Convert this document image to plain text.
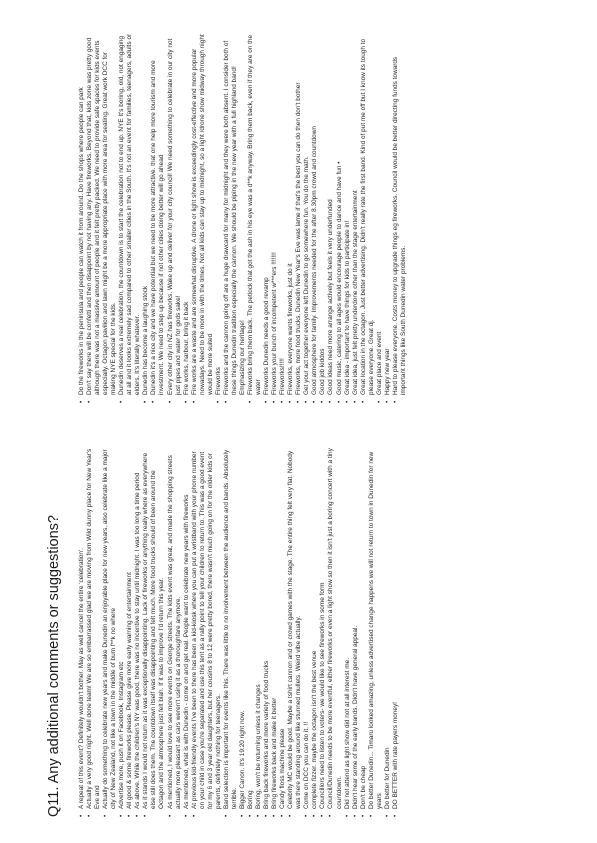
Q11. Any additional comments or suggestions? • A repeat of this event? Definitely wouldn't bother. May as well cancel the entire 'celebration'. • Actually a very good night. Well done team! We are so embarrassed glad we are moving from Wild dunny place for New Year's Eve and • Actually do something to celebrate new years and make Dunedin an enjoyable place for new years, also celebrate like a major city of New Zealand, not like a town in the middle of bum f**k no where • Advertise more, push it on Facebook, Instagram etc • All good & some fireworks please. Please give more early warning of entertainment • As above. While the children's NY was good, there was no incentive to stay until midnight. I was too long a time period • As it stands I would not return as it was exceptionally disappointing. Lack of fireworks or anything really where as everywhere else still does them. The countdown itself was disappointing and felt much. More food trucks should of been around the Octagon and the atmosphere just felt blah. If it was to improve I'd return this year. • As mentioned, I would love to see more events on George streets. The kids event was great, and made the shopping streets actually more pleasant as cars weren't using it as a thoroughfare anymore. • As mentioned, what is with Dunedin - come on and get real. People want to celebrate new years with fireworks • At previous kid-friendly events I've been to there has been a kid-kiosk where you can put a wristband with your phone number on your child in case you're separated and use this tent as a rally point to tell your children to return to. This was a good event for my 6 and 3 year old daughters, but her cousins 8 to 12 were pretty bored, there wasn't much going on for the older kids or parents, definitely nothing for teenagers. • Band selection is important for events like this. There was little to no involvement between the audience and bands. Absolutely terrible. • Bigger Canon. It's 19:20 right now. • Boring • Boring, won't be returning unless it changes • Bring back fireworks and more variety of food trucks • Bring fireworks back and make it better • Candy floss machine please • Celebrity MC would be good. Maybe a tshirt cannon and or crowd games with the stage. The entire thing felt very flat. Nobody was there standing around like stunned mullets. Weird vibe actually. • Come on DCC you can do it. !! • complete fizzer. maybe the octagon isn't the best venue • Councillors need to listen to voters- we would like to see fireworks in some form • Council/Dunedin needs to be more eventful, either fireworks or even a light show so then it isn't just a boring concert with a tiny countdown. • Did not attend as light show did not at all interest me. • Didn't hear some of the early bands. Didn't have general appeal. • Don't be cheap • Do better Dunedin... Timaru looked amazing, unless advertised change happens we will not return to town in Dunedin for new years • Do better for Dunedin • DO BETTER with rate payers money!
• Do the fireworks in the peninsula and people can watch it from around. Do the shops where people can park • Don't say there will be confetti and then disappoint by not having any. Have fireworks. Beyond that, kids zone was pretty good although there was not a massive amount of people and it felt pretty packed. We need to provide safe spaces for kids events especially. Octagon pavilion and lawn might be a more appropriate place with more area for seating. Great work DCC for making NYE special for the kids. • Dunedin deserves a real celebration, the countdown is to start the celebration not to end up. NYE It's boring, old, not engaging at all and it looks extremely sad compared to other smaller cities in the South. It's not an event for families, teenagers, adults or elders. It's literally whatever. • Dunedin has become a laughing stock • Dunedin it's a nice city and we have potential but we need to be more attractive. that one help more tourism and more investment. We need to step up because if not other cities doing better will go ahead • Every other city in NZ has fireworks. Wake up and deliver for your city council! We need something to celebrate in our city not just pipes and water for gods sake! • Fire works, harbour, bring it back • Fire works are a waste and are somewhat disruptive. A drone or light show is exceedingly cost-effective and more popular nowadays. Need to be more in with the times. Not all kids can stay up to midnight, so a light /drone show midway through night would be more suited • Fireworks • Fireworks and the cannon going off are a huge drawcard for many for midnight and they were both absent. I consider both of these things Dunedin tradition especially the cannon. We should be piping in the new year with a full highland band! Emphasizing our heritage! • Fireworks bring them back. The petlock that got the ash in his eye was a d**k anyway. Bring them back, even if they are on the water • Fireworks Dunedin needs a good revamp • Fireworks your bunch of incompetent w***ers !!!!!!! • Fireworks!!!!! • Fireworks, everyone wants fireworks, just do it • Fireworks, more food trucks. Dunedin New Year's Eve was lame if that's the best you can do then don't bother • Get your act together everyone left Dunedin to go somewhere fun. You do the math. • Good atmosphere for family. Improvements needed for the after 8.30pm crowd and countdown • Good job kiddos • Good ideas need more arrange actively but feels it very underfunded • Good music, catering to all ages would encourage people to dance and have fun • • Great idea - important to have things for kids to participate in! • Great idea, just felt pretty underdone other than the stage entertainment • Great location in the octagon. Just better advertising. Didn't really rate the first band. Kind of put me off but I know its tough to please everyone. Great dj. • Great place and event • Happy new year • Hard to please everyone. Costs money to upgrade things eg fireworks. Council would be better directing funds towards important things like South Dunedin water problems.
